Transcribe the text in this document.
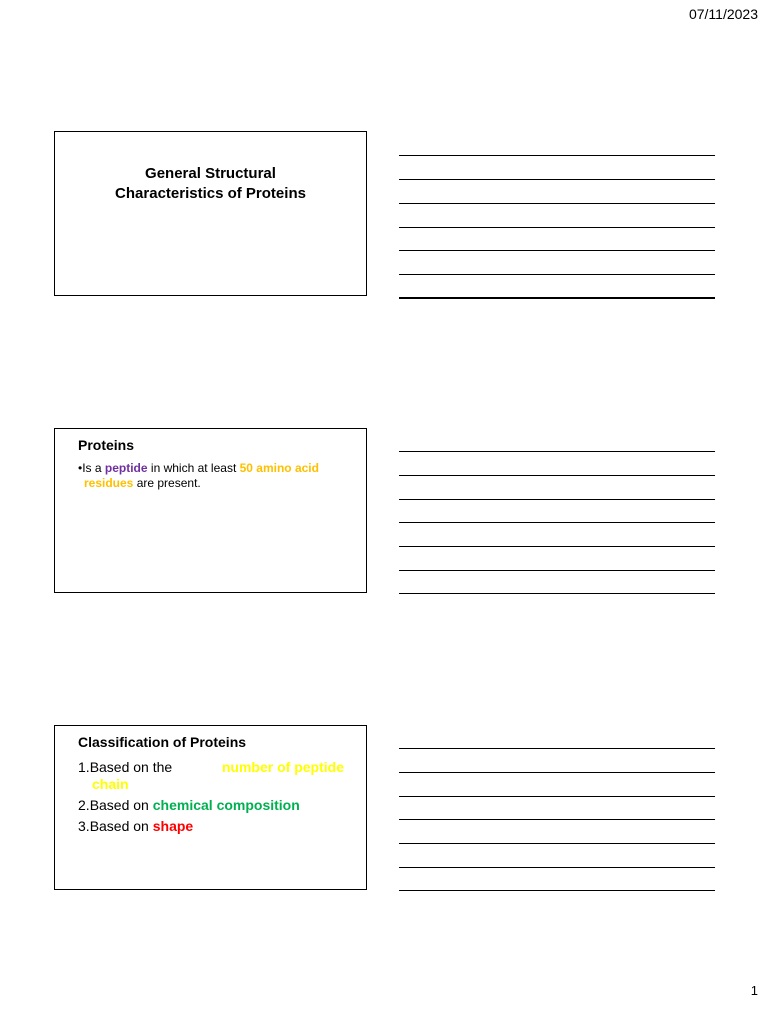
07/11/2023
General Structural
Characteristics of Proteins
Proteins
•Is a peptide in which at least 50 amino acid
residues are present.
Classification of Proteins
1.Based on the	number of peptide
chain
2.Based on chemical composition
3.Based on shape
1
